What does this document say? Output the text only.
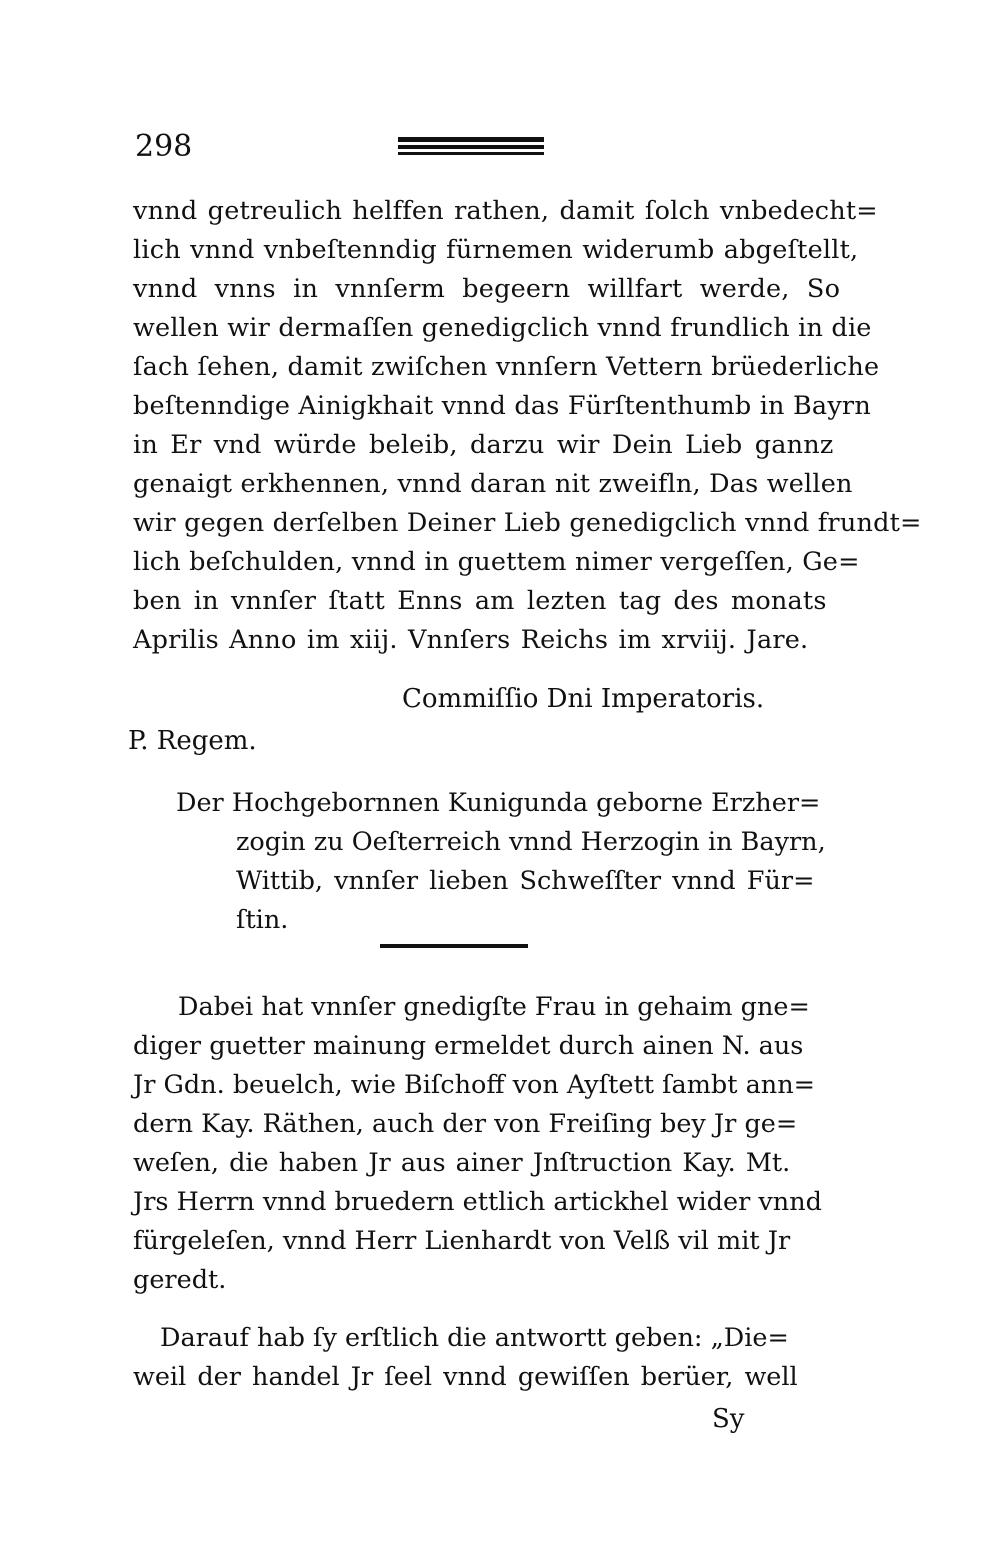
298
vnnd getreulich helffen rathen, damit ſolch vnbedecht=
lich vnnd vnbeſtenndig fürnemen widerumb abgeſtellt,
vnnd vnns in vnnſerm begeern willfart werde, So
wellen wir dermaſſen genedigclich vnnd frundlich in die
ſach ſehen, damit zwiſchen vnnſern Vettern brüederliche
beſtenndige Ainigkhait vnnd das Fürſtenthumb in Bayrn
in Er vnd würde beleib, darzu wir Dein Lieb gannz
genaigt erkhennen, vnnd daran nit zweifln, Das wellen
wir gegen derſelben Deiner Lieb genedigclich vnnd frundt=
lich beſchulden, vnnd in guettem nimer vergeſſen, Ge=
ben in vnnſer ſtatt Enns am lezten tag des monats
Aprilis Anno im xiij. Vnnſers Reichs im xrviij. Jare.
Commiſſio Dni Imperatoris.
P. Regem.
Der Hochgebornnen Kunigunda geborne Erzher=
zogin zu Oeſterreich vnnd Herzogin in Bayrn,
Wittib, vnnſer lieben Schweſſter vnnd Für=
ſtin.
Dabei hat vnnſer gnedigſte Frau in gehaim gne=
diger guetter mainung ermeldet durch ainen N. aus
Jr Gdn. beuelch, wie Biſchoff von Ayſtett ſambt ann=
dern Kay. Räthen, auch der von Freiſing bey Jr ge=
weſen, die haben Jr aus ainer Jnſtruction Kay. Mt.
Jrs Herrn vnnd bruedern ettlich artickhel wider vnnd
fürgeleſen, vnnd Herr Lienhardt von Velß vil mit Jr
geredt.
Darauf hab ſy erſtlich die antwortt geben: „Die=
weil der handel Jr ſeel vnnd gewiſſen berüer, well
Sy
